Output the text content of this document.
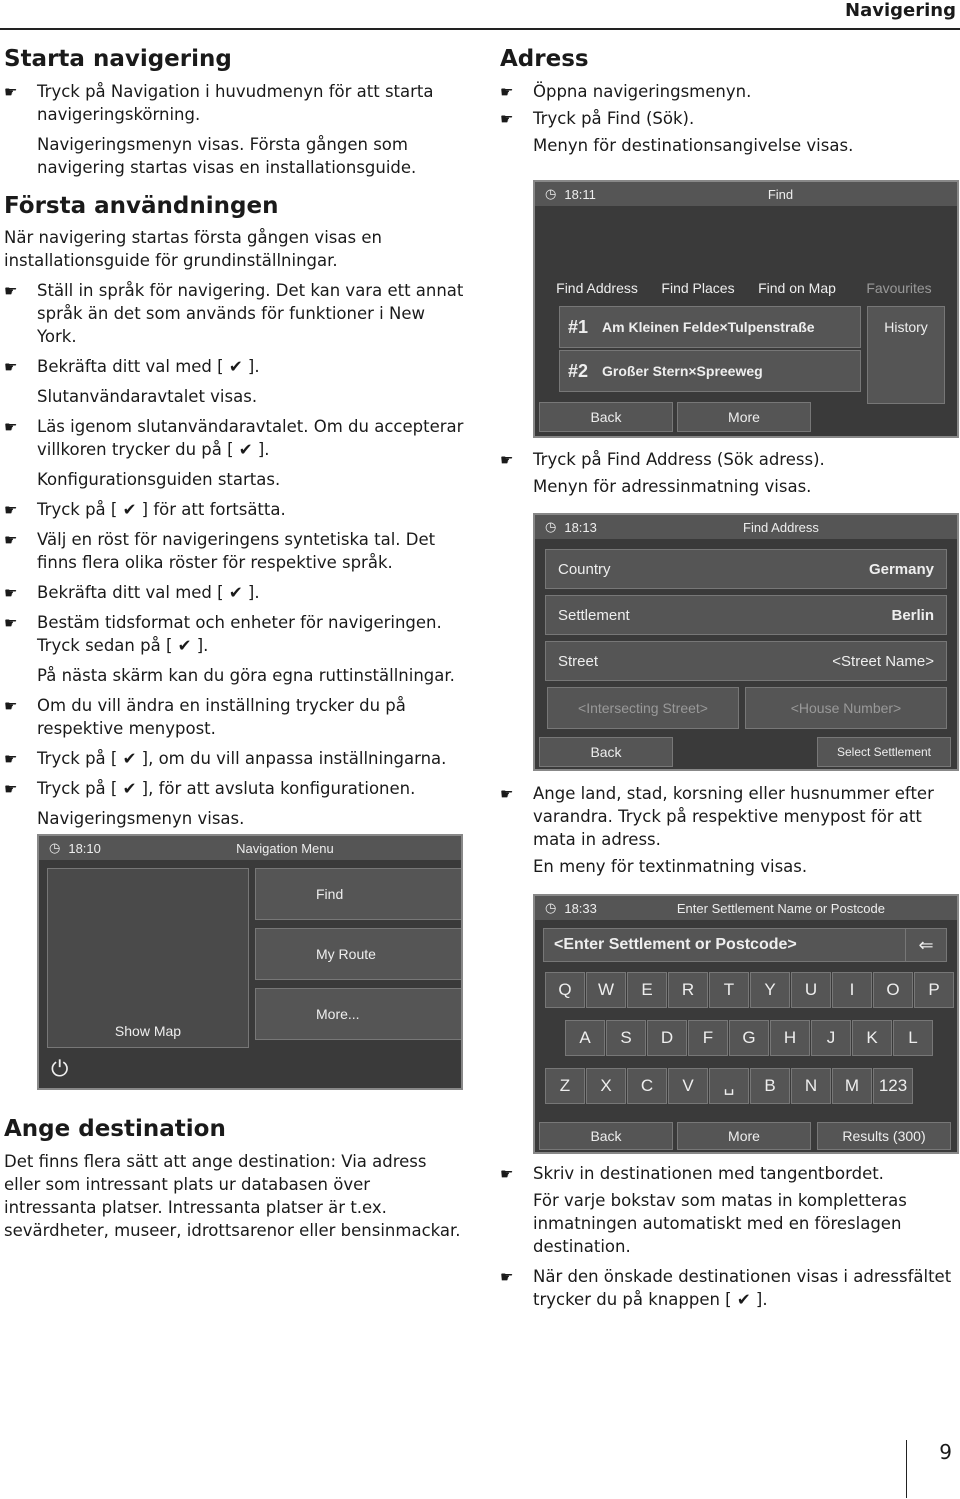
Navigering
Starta navigering
☛ Tryck på Navigation i huvudmenyn för att starta navigeringskörning.
Navigeringsmenyn visas. Första gången som navigering startas visas en installationsguide.
Första användningen

När navigering startas första gången visas en installationsguide för grundinställningar.

☛ Ställ in språk för navigering. Det kan vara ett annat språk än det som används för funktioner i New York.
☛ Bekräfta ditt val med [ ✔ ].
Slutanvändaravtalet visas.
☛ Läs igenom slutanvändaravtalet. Om du accepterar villkoren trycker du på [ ✔ ].
Konfigurationsguiden startas.
☛ Tryck på [ ✔ ] för att fortsätta.
☛ Välj en röst för navigeringens syntetiska tal. Det finns flera olika röster för respektive språk.
☛ Bekräfta ditt val med [ ✔ ].
☛ Bestäm tidsformat och enheter för navigeringen. Tryck sedan på [ ✔ ].
På nästa skärm kan du göra egna ruttinställningar.
☛ Om du vill ändra en inställning trycker du på respektive menypost.
☛ Tryck på [ ✔ ], om du vill anpassa inställningarna.
☛ Tryck på [ ✔ ], för att avsluta konfigurationen.
Navigeringsmenyn visas.
◷ 18:10	Navigation Menu
Show Map
Find
My Route
More...
⏻
Ange destination

Det finns flera sätt att ange destination: Via adress eller som intressant plats ur databasen över intressanta platser. Intressanta platser är t.ex. sevärdheter, museer, idrottsarenor eller bensinmackar.

Adress
☛ Öppna navigeringsmenyn.
☛ Tryck på Find (Sök).
Menyn för destinationsangivelse visas.
◷ 18:11	Find
Find Address Find Places Find on Map Favourites
#1 Am Kleinen Felde×Tulpenstraße
#2 Großer Stern×Spreeweg
History
Back	More
☛ Tryck på Find Address (Sök adress).
Menyn för adressinmatning visas.
◷ 18:13	Find Address
Country	Germany
Settlement	Berlin
Street	<Street Name>
<Intersecting Street>	<House Number>
Back	Select Settlement
☛ Ange land, stad, korsning eller husnummer efter varandra. Tryck på respektive menypost för att mata in adress.
En meny för textinmatning visas.
◷ 18:33	Enter Settlement Name or Postcode
<Enter Settlement or Postcode>	⇐
Q	W	E	R	T	Y	U	I	O	P
A	S	D	F	G	H	J	K	L
Z	X	C	V	␣	B	N	M	123
Back	More	Results (300)
☛ Skriv in destinationen med tangentbordet.
För varje bokstav som matas in kompletteras inmatningen automatiskt med en föreslagen destination.
☛ När den önskade destinationen visas i adressfältet trycker du på knappen [ ✔ ].
9
